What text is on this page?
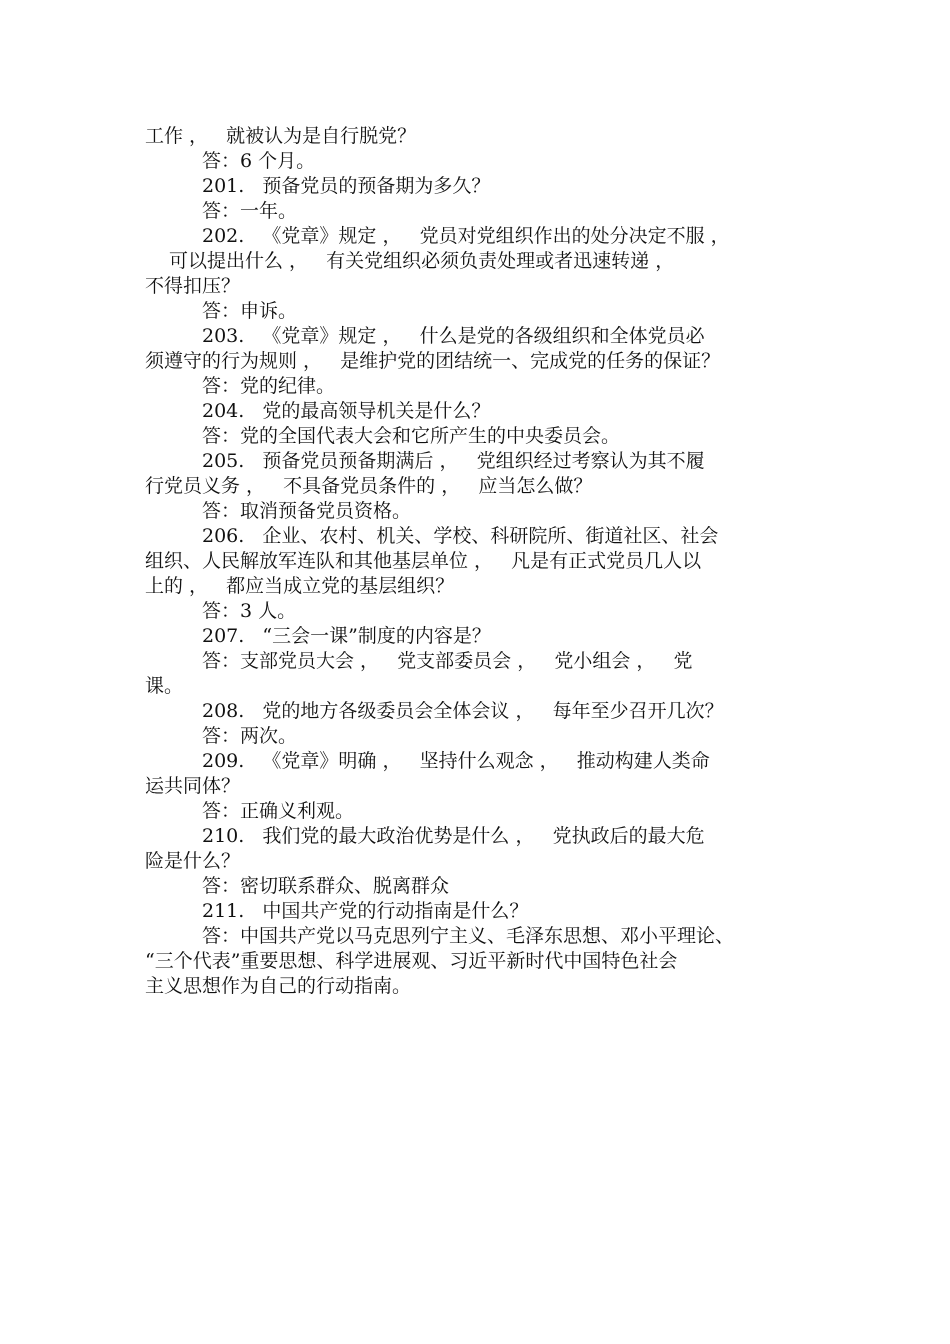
工作 ，   就被认为是自行脱党？
答：6 个月。
201.   预备党员的预备期为多久？
答：一年。
202.   《党章》规定 ，   党员对党组织作出的处分决定不服 ，
可以提出什么 ，   有关党组织必须负责处理或者迅速转递 ，
不得扣压？
答：申诉。
203.   《党章》规定 ，   什么是党的各级组织和全体党员必
须遵守的行为规则 ，   是维护党的团结统一、完成党的任务的保证？
答：党的纪律。
204.   党的最高领导机关是什么？
答：党的全国代表大会和它所产生的中央委员会。
205.   预备党员预备期满后 ，   党组织经过考察认为其不履
行党员义务 ，   不具备党员条件的 ，   应当怎么做？
答：取消预备党员资格。
206.   企业、农村、机关、学校、科研院所、街道社区、社会
组织、人民解放军连队和其他基层单位 ，   凡是有正式党员几人以
上的 ，   都应当成立党的基层组织？
答：3 人。
207.   “三会一课”制度的内容是？
答：支部党员大会 ，   党支部委员会 ，   党小组会 ，   党
课。
208.   党的地方各级委员会全体会议 ，   每年至少召开几次？
答：两次。
209.   《党章》明确 ，   坚持什么观念 ，   推动构建人类命
运共同体？
答：正确义利观。
210.   我们党的最大政治优势是什么 ，   党执政后的最大危
险是什么？
答：密切联系群众、脱离群众
211.   中国共产党的行动指南是什么？
答：中国共产党以马克思列宁主义、毛泽东思想、邓小平理论、
“三个代表”重要思想、科学进展观、习近平新时代中国特色社会
主义思想作为自己的行动指南。
